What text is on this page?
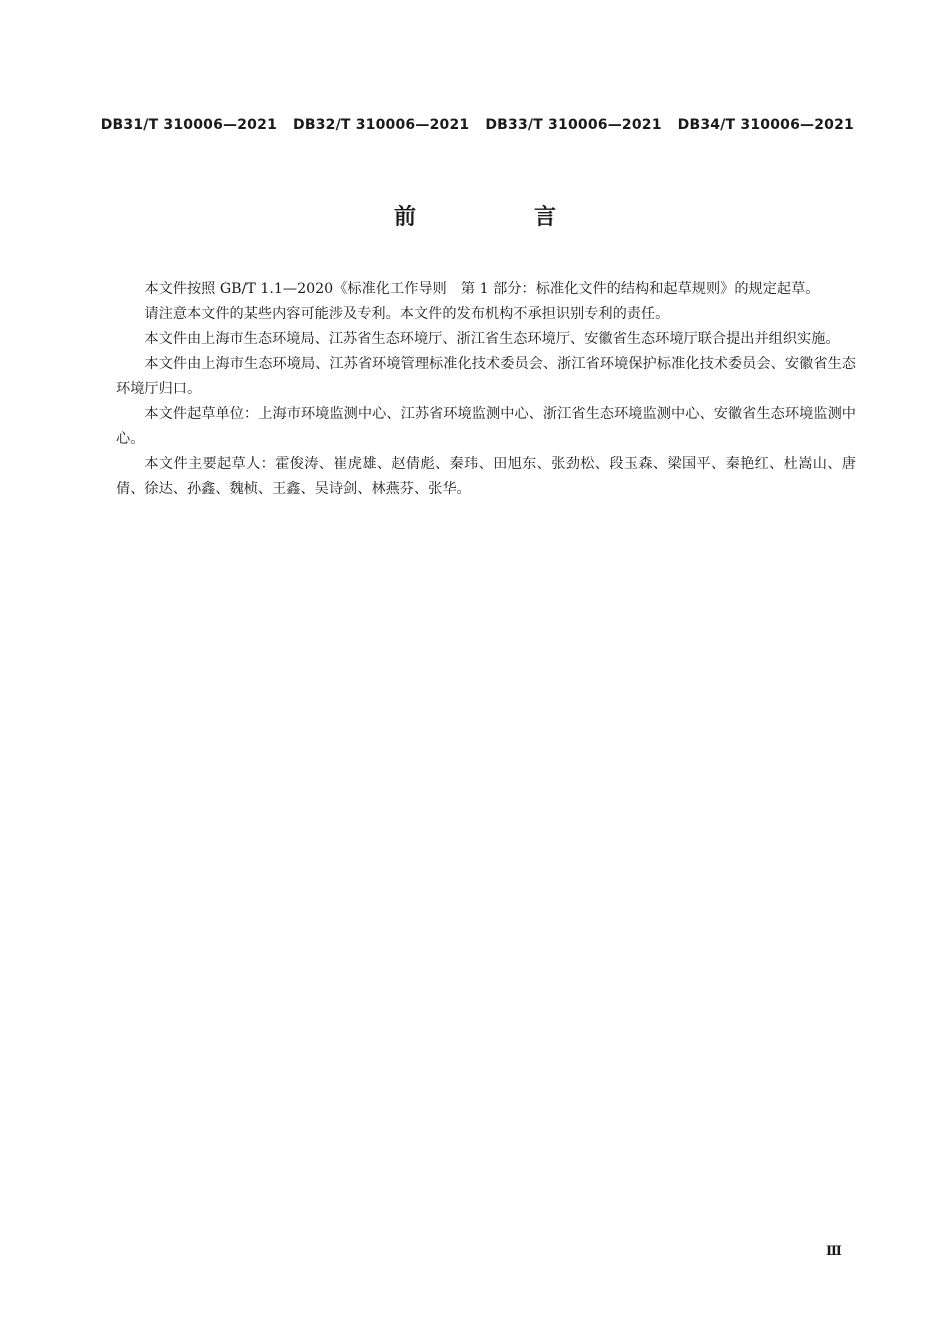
DB31/T 310006—2021 DB32/T 310006—2021 DB33/T 310006—2021 DB34/T 310006—2021
前　言

本文件按照 GB/T 1.1—2020《标准化工作导则　第 1 部分：标准化文件的结构和起草规则》的规定起草。

请注意本文件的某些内容可能涉及专利。本文件的发布机构不承担识别专利的责任。

本文件由上海市生态环境局、江苏省生态环境厅、浙江省生态环境厅、安徽省生态环境厅联合提出并组织实施。

本文件由上海市生态环境局、江苏省环境管理标准化技术委员会、浙江省环境保护标准化技术委员会、安徽省生态环境厅归口。

本文件起草单位：上海市环境监测中心、江苏省环境监测中心、浙江省生态环境监测中心、安徽省生态环境监测中心。

本文件主要起草人：霍俊涛、崔虎雄、赵倩彪、秦玮、田旭东、张劲松、段玉森、梁国平、秦艳红、杜嵩山、唐倩、徐达、孙鑫、魏桢、王鑫、吴诗剑、林燕芬、张华。

Ⅲ
